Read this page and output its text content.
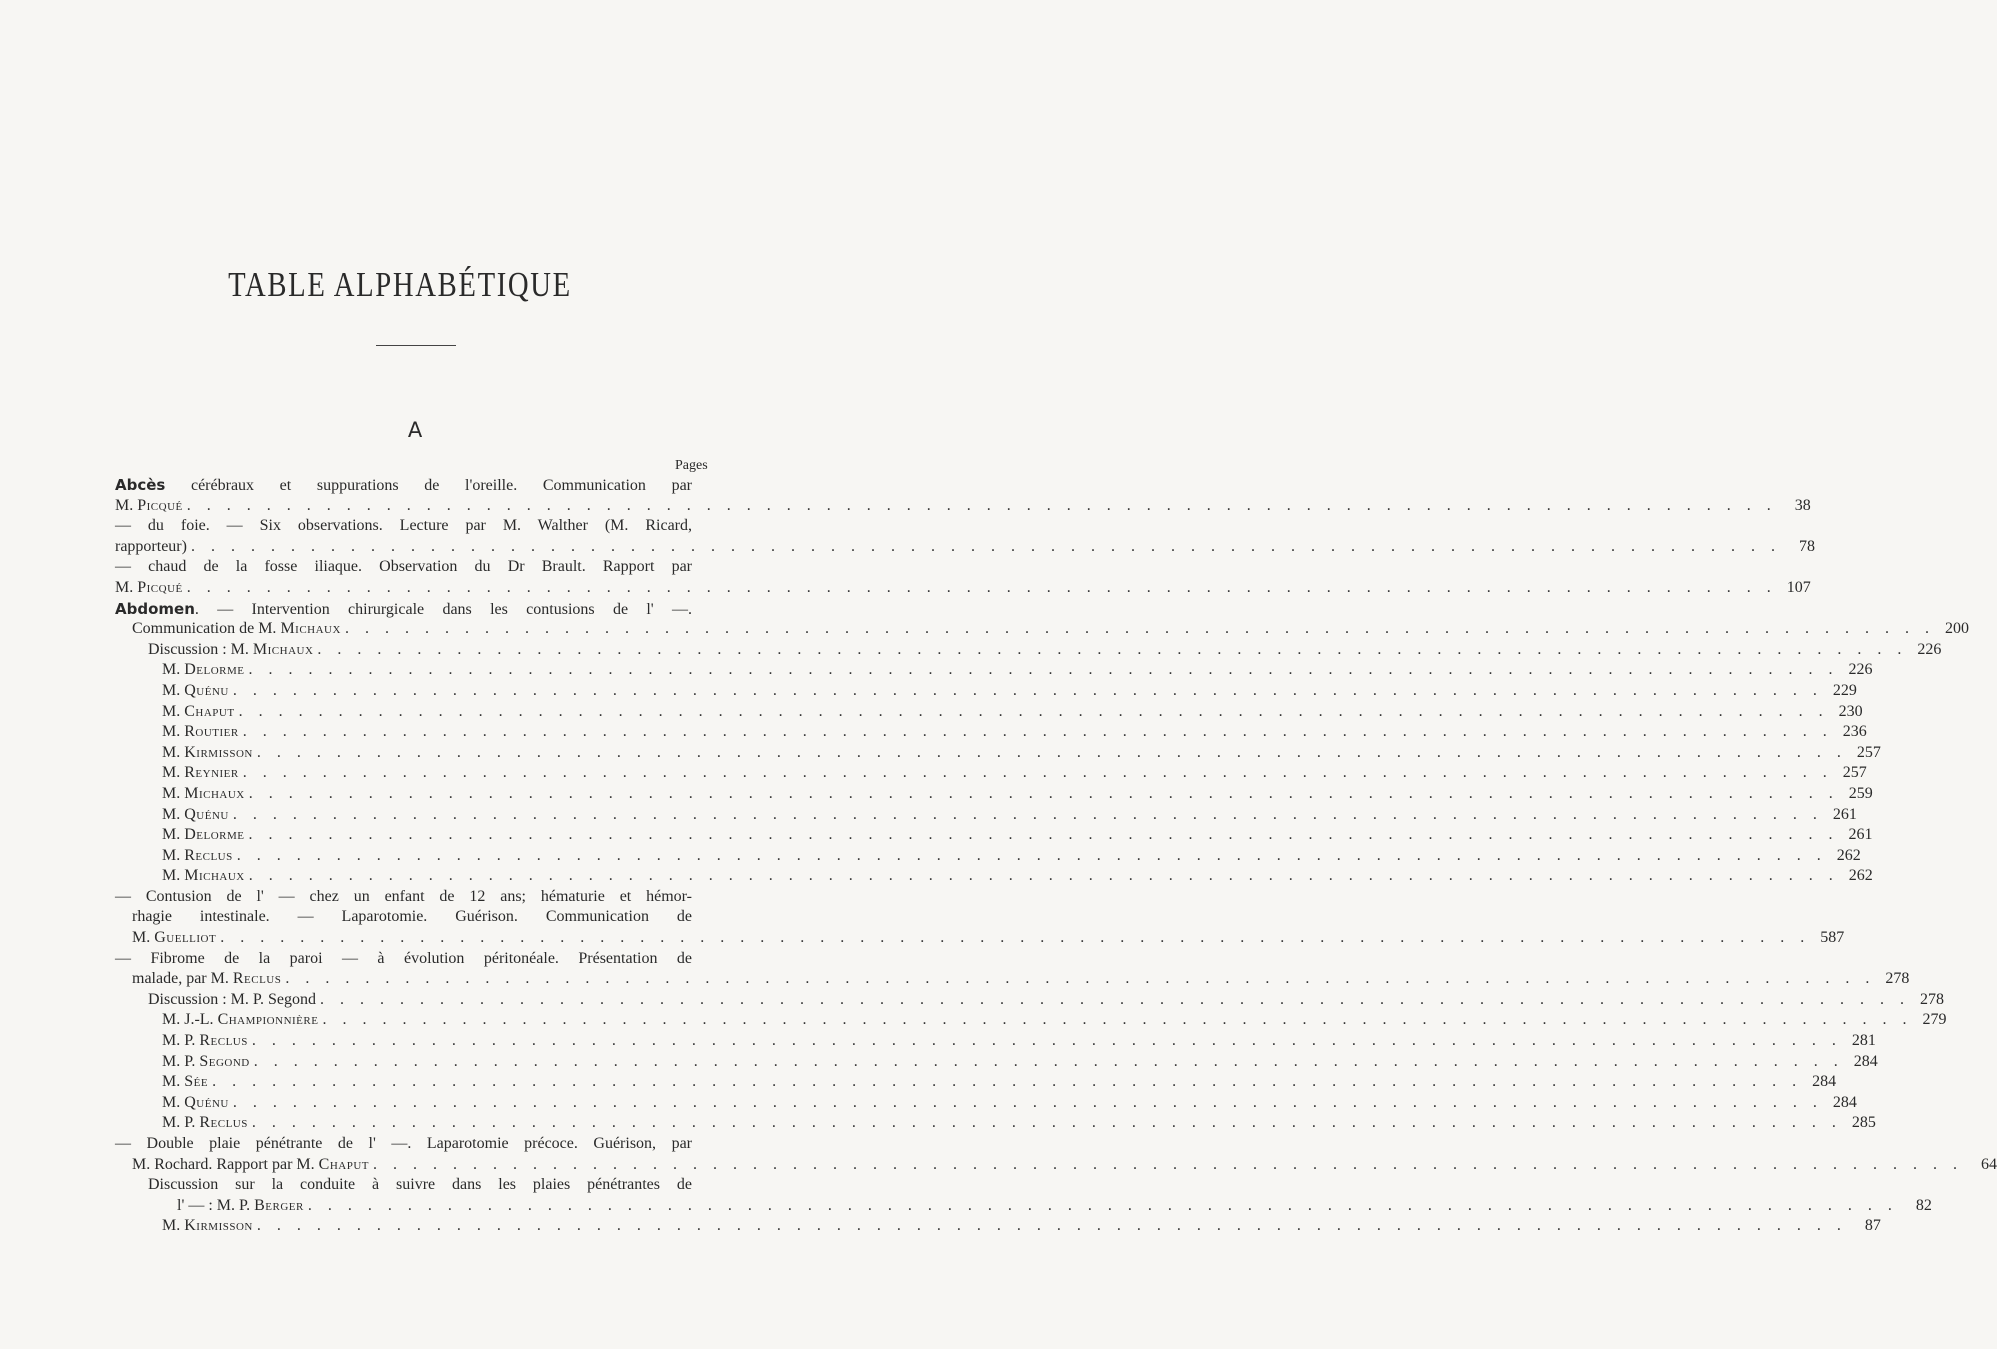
TABLE ALPHABÉTIQUE
A
Pages
Abcès cérébraux et suppurations de l'oreille. Communication par
M. Picqué . . . . . . . . . . . . . . . . . . . . . . . . . . . . . . . . . . . . . . . . . . . . . . . . . . . . . . . . . . . . . . . . . . . . . . . . . . . . . . . .	38
— du foie. — Six observations. Lecture par M. Walther (M. Ricard,
rapporteur) . . . . . . . . . . . . . . . . . . . . . . . . . . . . . . . . . . . . . . . . . . . . . . . . . . . . . . . . . . . . . . . . . . . . . . . . . . . . . . . .	78
— chaud de la fosse iliaque. Observation du Dr Brault. Rapport par
M. Picqué . . . . . . . . . . . . . . . . . . . . . . . . . . . . . . . . . . . . . . . . . . . . . . . . . . . . . . . . . . . . . . . . . . . . . . . . . . . . . . . . 107
Abdomen. — Intervention chirurgicale dans les contusions de l' —.
Communication de M. Michaux . . . . . . . . . . . . . . . . . . . . . . . . . . . . . . . . . . . . . . . . . . . . . . . . . . . . . . . . . . . . . . . . . . . . . . . . . . . . . . . . 200
Discussion : M. Michaux . . . . . . . . . . . . . . . . . . . . . . . . . . . . . . . . . . . . . . . . . . . . . . . . . . . . . . . . . . . . . . . . . . . . . . . . . . . . . . . . 226
M. Delorme . . . . . . . . . . . . . . . . . . . . . . . . . . . . . . . . . . . . . . . . . . . . . . . . . . . . . . . . . . . . . . . . . . . . . . . . . . . . . . . . 226
M. Quénu . . . . . . . . . . . . . . . . . . . . . . . . . . . . . . . . . . . . . . . . . . . . . . . . . . . . . . . . . . . . . . . . . . . . . . . . . . . . . . . . 229
M. Chaput . . . . . . . . . . . . . . . . . . . . . . . . . . . . . . . . . . . . . . . . . . . . . . . . . . . . . . . . . . . . . . . . . . . . . . . . . . . . . . . . 230
M. Routier . . . . . . . . . . . . . . . . . . . . . . . . . . . . . . . . . . . . . . . . . . . . . . . . . . . . . . . . . . . . . . . . . . . . . . . . . . . . . . . . 236
M. Kirmisson . . . . . . . . . . . . . . . . . . . . . . . . . . . . . . . . . . . . . . . . . . . . . . . . . . . . . . . . . . . . . . . . . . . . . . . . . . . . . . . . 257
M. Reynier . . . . . . . . . . . . . . . . . . . . . . . . . . . . . . . . . . . . . . . . . . . . . . . . . . . . . . . . . . . . . . . . . . . . . . . . . . . . . . . . 257
M. Michaux . . . . . . . . . . . . . . . . . . . . . . . . . . . . . . . . . . . . . . . . . . . . . . . . . . . . . . . . . . . . . . . . . . . . . . . . . . . . . . . . 259
M. Quénu . . . . . . . . . . . . . . . . . . . . . . . . . . . . . . . . . . . . . . . . . . . . . . . . . . . . . . . . . . . . . . . . . . . . . . . . . . . . . . . . 261
M. Delorme . . . . . . . . . . . . . . . . . . . . . . . . . . . . . . . . . . . . . . . . . . . . . . . . . . . . . . . . . . . . . . . . . . . . . . . . . . . . . . . . 261
M. Reclus . . . . . . . . . . . . . . . . . . . . . . . . . . . . . . . . . . . . . . . . . . . . . . . . . . . . . . . . . . . . . . . . . . . . . . . . . . . . . . . . 262
M. Michaux . . . . . . . . . . . . . . . . . . . . . . . . . . . . . . . . . . . . . . . . . . . . . . . . . . . . . . . . . . . . . . . . . . . . . . . . . . . . . . . . 262
— Contusion de l' — chez un enfant de 12 ans; hématurie et hémor-
rhagie intestinale. — Laparotomie. Guérison. Communication de
M. Guelliot . . . . . . . . . . . . . . . . . . . . . . . . . . . . . . . . . . . . . . . . . . . . . . . . . . . . . . . . . . . . . . . . . . . . . . . . . . . . . . . . 587
— Fibrome de la paroi — à évolution péritonéale. Présentation de
malade, par M. Reclus . . . . . . . . . . . . . . . . . . . . . . . . . . . . . . . . . . . . . . . . . . . . . . . . . . . . . . . . . . . . . . . . . . . . . . . . . . . . . . . . 278
Discussion : M. P. Segond . . . . . . . . . . . . . . . . . . . . . . . . . . . . . . . . . . . . . . . . . . . . . . . . . . . . . . . . . . . . . . . . . . . . . . . . . . . . . . . . 278
M. J.-L. Championnière . . . . . . . . . . . . . . . . . . . . . . . . . . . . . . . . . . . . . . . . . . . . . . . . . . . . . . . . . . . . . . . . . . . . . . . . . . . . . . . . 279
M. P. Reclus . . . . . . . . . . . . . . . . . . . . . . . . . . . . . . . . . . . . . . . . . . . . . . . . . . . . . . . . . . . . . . . . . . . . . . . . . . . . . . . . 281
M. P. Segond . . . . . . . . . . . . . . . . . . . . . . . . . . . . . . . . . . . . . . . . . . . . . . . . . . . . . . . . . . . . . . . . . . . . . . . . . . . . . . . . 284
M. Sée . . . . . . . . . . . . . . . . . . . . . . . . . . . . . . . . . . . . . . . . . . . . . . . . . . . . . . . . . . . . . . . . . . . . . . . . . . . . . . . . 284
M. Quénu . . . . . . . . . . . . . . . . . . . . . . . . . . . . . . . . . . . . . . . . . . . . . . . . . . . . . . . . . . . . . . . . . . . . . . . . . . . . . . . . 284
M. P. Reclus . . . . . . . . . . . . . . . . . . . . . . . . . . . . . . . . . . . . . . . . . . . . . . . . . . . . . . . . . . . . . . . . . . . . . . . . . . . . . . . . 285
— Double plaie pénétrante de l' —. Laparotomie précoce. Guérison, par
M. Rochard. Rapport par M. Chaput . . . . . . . . . . . . . . . . . . . . . . . . . . . . . . . . . . . . . . . . . . . . . . . . . . . . . . . . . . . . . . . . . . . . . . . . . . . . . . . .	64
Discussion sur la conduite à suivre dans les plaies pénétrantes de
l' — : M. P. Berger . . . . . . . . . . . . . . . . . . . . . . . . . . . . . . . . . . . . . . . . . . . . . . . . . . . . . . . . . . . . . . . . . . . . . . . . . . . . . . . .	82
M. Kirmisson . . . . . . . . . . . . . . . . . . . . . . . . . . . . . . . . . . . . . . . . . . . . . . . . . . . . . . . . . . . . . . . . . . . . . . . . . . . . . . . .	87
